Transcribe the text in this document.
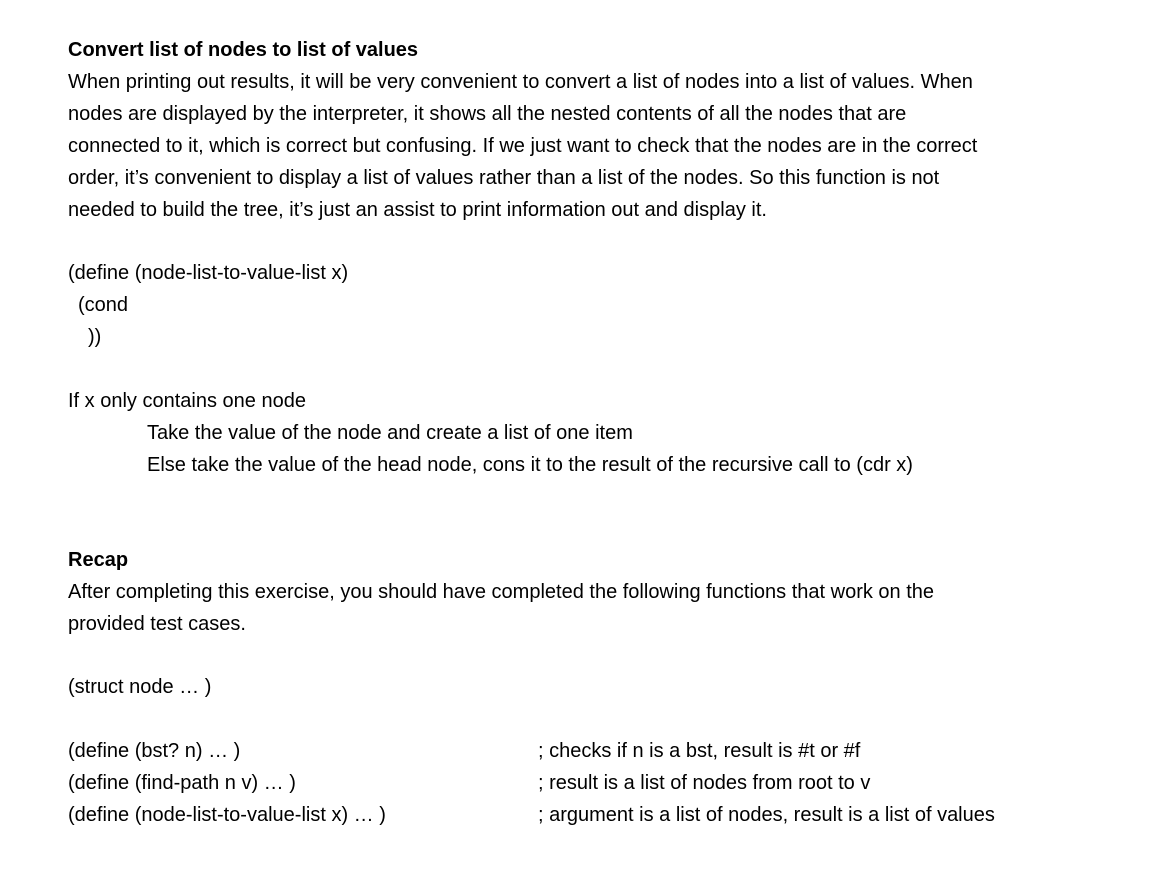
Convert list of nodes to list of values
When printing out results, it will be very convenient to convert a list of nodes into a list of values. When
nodes are displayed by the interpreter, it shows all the nested contents of all the nodes that are
connected to it, which is correct but confusing. If we just want to check that the nodes are in the correct
order, it’s convenient to display a list of values rather than a list of the nodes. So this function is not
needed to build the tree, it’s just an assist to print information out and display it.
(define (node-list-to-value-list x)
(cond
))
If x only contains one node
Take the value of the node and create a list of one item
Else take the value of the head node, cons it to the result of the recursive call to (cdr x)
Recap
After completing this exercise, you should have completed the following functions that work on the
provided test cases.
(struct node … )
(define (bst? n) … )	; checks if n is a bst, result is #t or #f
(define (find-path n v) … )	; result is a list of nodes from root to v
(define (node-list-to-value-list x) … )	; argument is a list of nodes, result is a list of values
